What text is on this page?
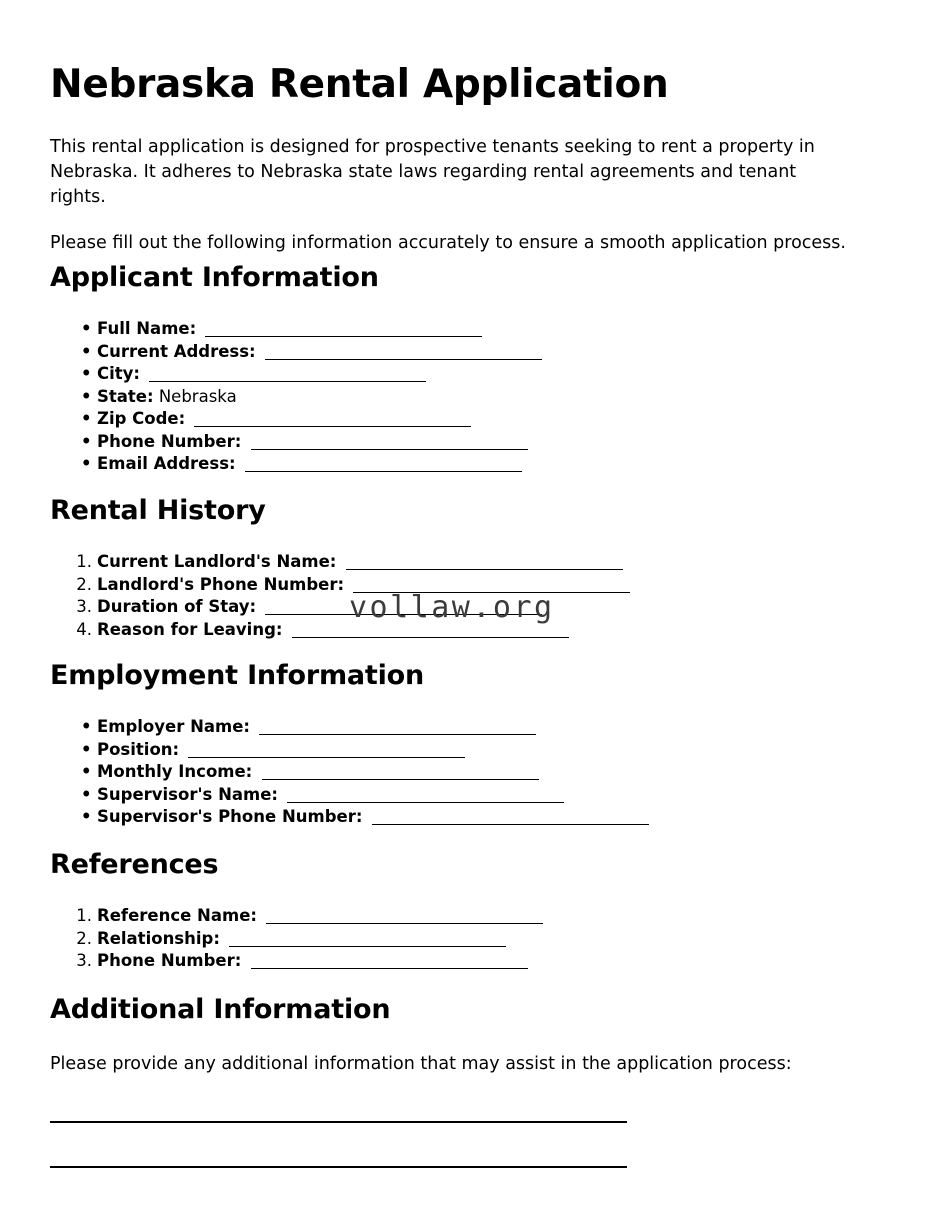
Nebraska Rental Application

This rental application is designed for prospective tenants seeking to rent a property in Nebraska. It adheres to Nebraska state laws regarding rental agreements and tenant rights.

Please fill out the following information accurately to ensure a smooth application process.

Applicant Information
• Full Name:
• Current Address:
• City:
• State: Nebraska
• Zip Code:
• Phone Number:
• Email Address:
Rental History
1. Current Landlord's Name:
2. Landlord's Phone Number:
3. Duration of Stay:
4. Reason for Leaving:
Employment Information
• Employer Name:
• Position:
• Monthly Income:
• Supervisor's Name:
• Supervisor's Phone Number:
References
1. Reference Name:
2. Relationship:
3. Phone Number:
Additional Information

Please provide any additional information that may assist in the application process:

vollaw.org
